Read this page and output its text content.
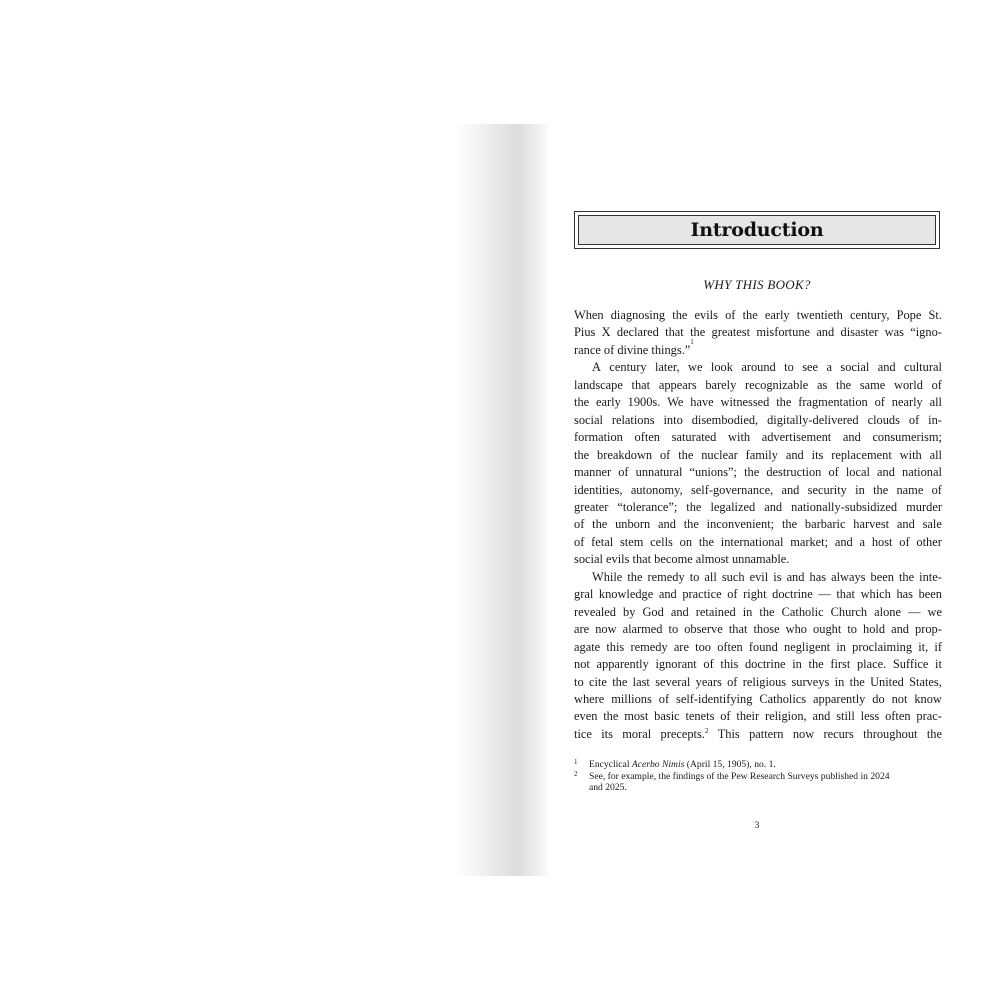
Introduction
WHY THIS BOOK?
When diagnosing the evils of the early twentieth century, Pope St.
Pius X declared that the greatest misfortune and disaster was “igno-
rance of divine things.”
1
A century later, we look around to see a social and cultural
landscape that appears barely recognizable as the same world of
the early 1900s. We have witnessed the fragmentation of nearly all
social relations into disembodied, digitally-delivered clouds of in-
formation often saturated with advertisement and consumerism;
the breakdown of the nuclear family and its replacement with all
manner of unnatural “unions”; the destruction of local and national
identities, autonomy, self-governance, and security in the name of
greater “tolerance”; the legalized and nationally-subsidized murder
of the unborn and the inconvenient; the barbaric harvest and sale
of fetal stem cells on the international market; and a host of other
social evils that become almost unnamable.
While the remedy to all such evil is and has always been the inte-
gral knowledge and practice of right doctrine — that which has been
revealed by God and retained in the Catholic Church alone — we
are now alarmed to observe that those who ought to hold and prop-
agate this remedy are too often found negligent in proclaiming it, if
not apparently ignorant of this doctrine in the first place. Suffice it
to cite the last several years of religious surveys in the United States,
where millions of self-identifying Catholics apparently do not know
even the most basic tenets of their religion, and still less often prac-
tice its moral precepts.$^2$ This pattern now recurs throughout the
1	Encyclical Acerbo Nimis (April 15, 1905), no. 1.
2	See, for example, the findings of the Pew Research Surveys published in 2024
and 2025.
3
